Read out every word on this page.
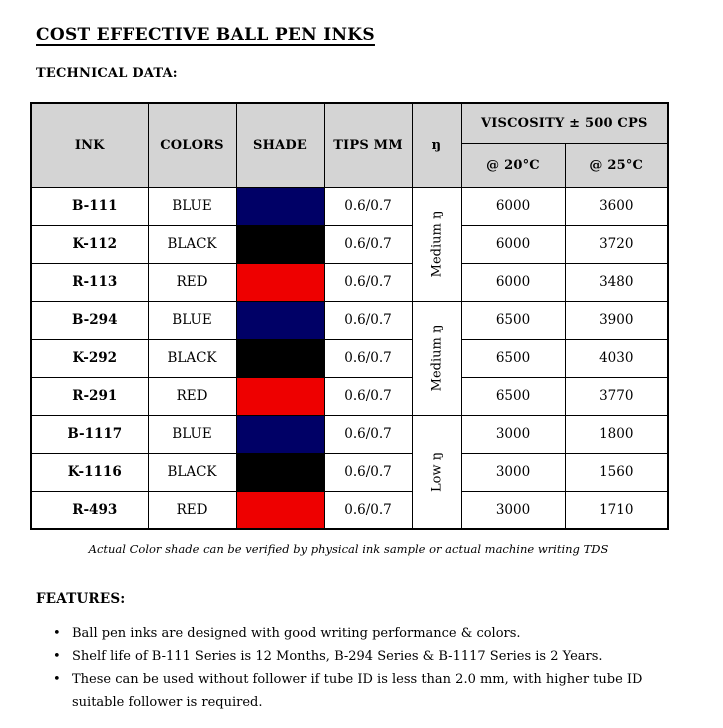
COST EFFECTIVE BALL PEN INKS
TECHNICAL DATA:
INK	COLORS	SHADE	TIPS MM	ŋ	VISCOSITY ± 500 CPS	
					@ 20°C	@ 25°C
B-111	BLUE		0.6/0.7	Medium ŋ	6000	3600
K-112	BLACK		0.6/0.7		6000	3720
R-113	RED		0.6/0.7		6000	3480
B-294	BLUE		0.6/0.7	Medium ŋ	6500	3900
K-292	BLACK		0.6/0.7		6500	4030
R-291	RED		0.6/0.7		6500	3770
B-1117	BLUE		0.6/0.7	Low ŋ	3000	1800
K-1116	BLACK		0.6/0.7		3000	1560
R-493	RED		0.6/0.7		3000	1710
Actual Color shade can be verified by physical ink sample or actual machine writing TDS
FEATURES:
• Ball pen inks are designed with good writing performance & colors.
• Shelf life of B-111 Series is 12 Months, B-294 Series & B-1117 Series is 2 Years.
• These can be used without follower if tube ID is less than 2.0 mm, with higher tube ID suitable follower is required.
